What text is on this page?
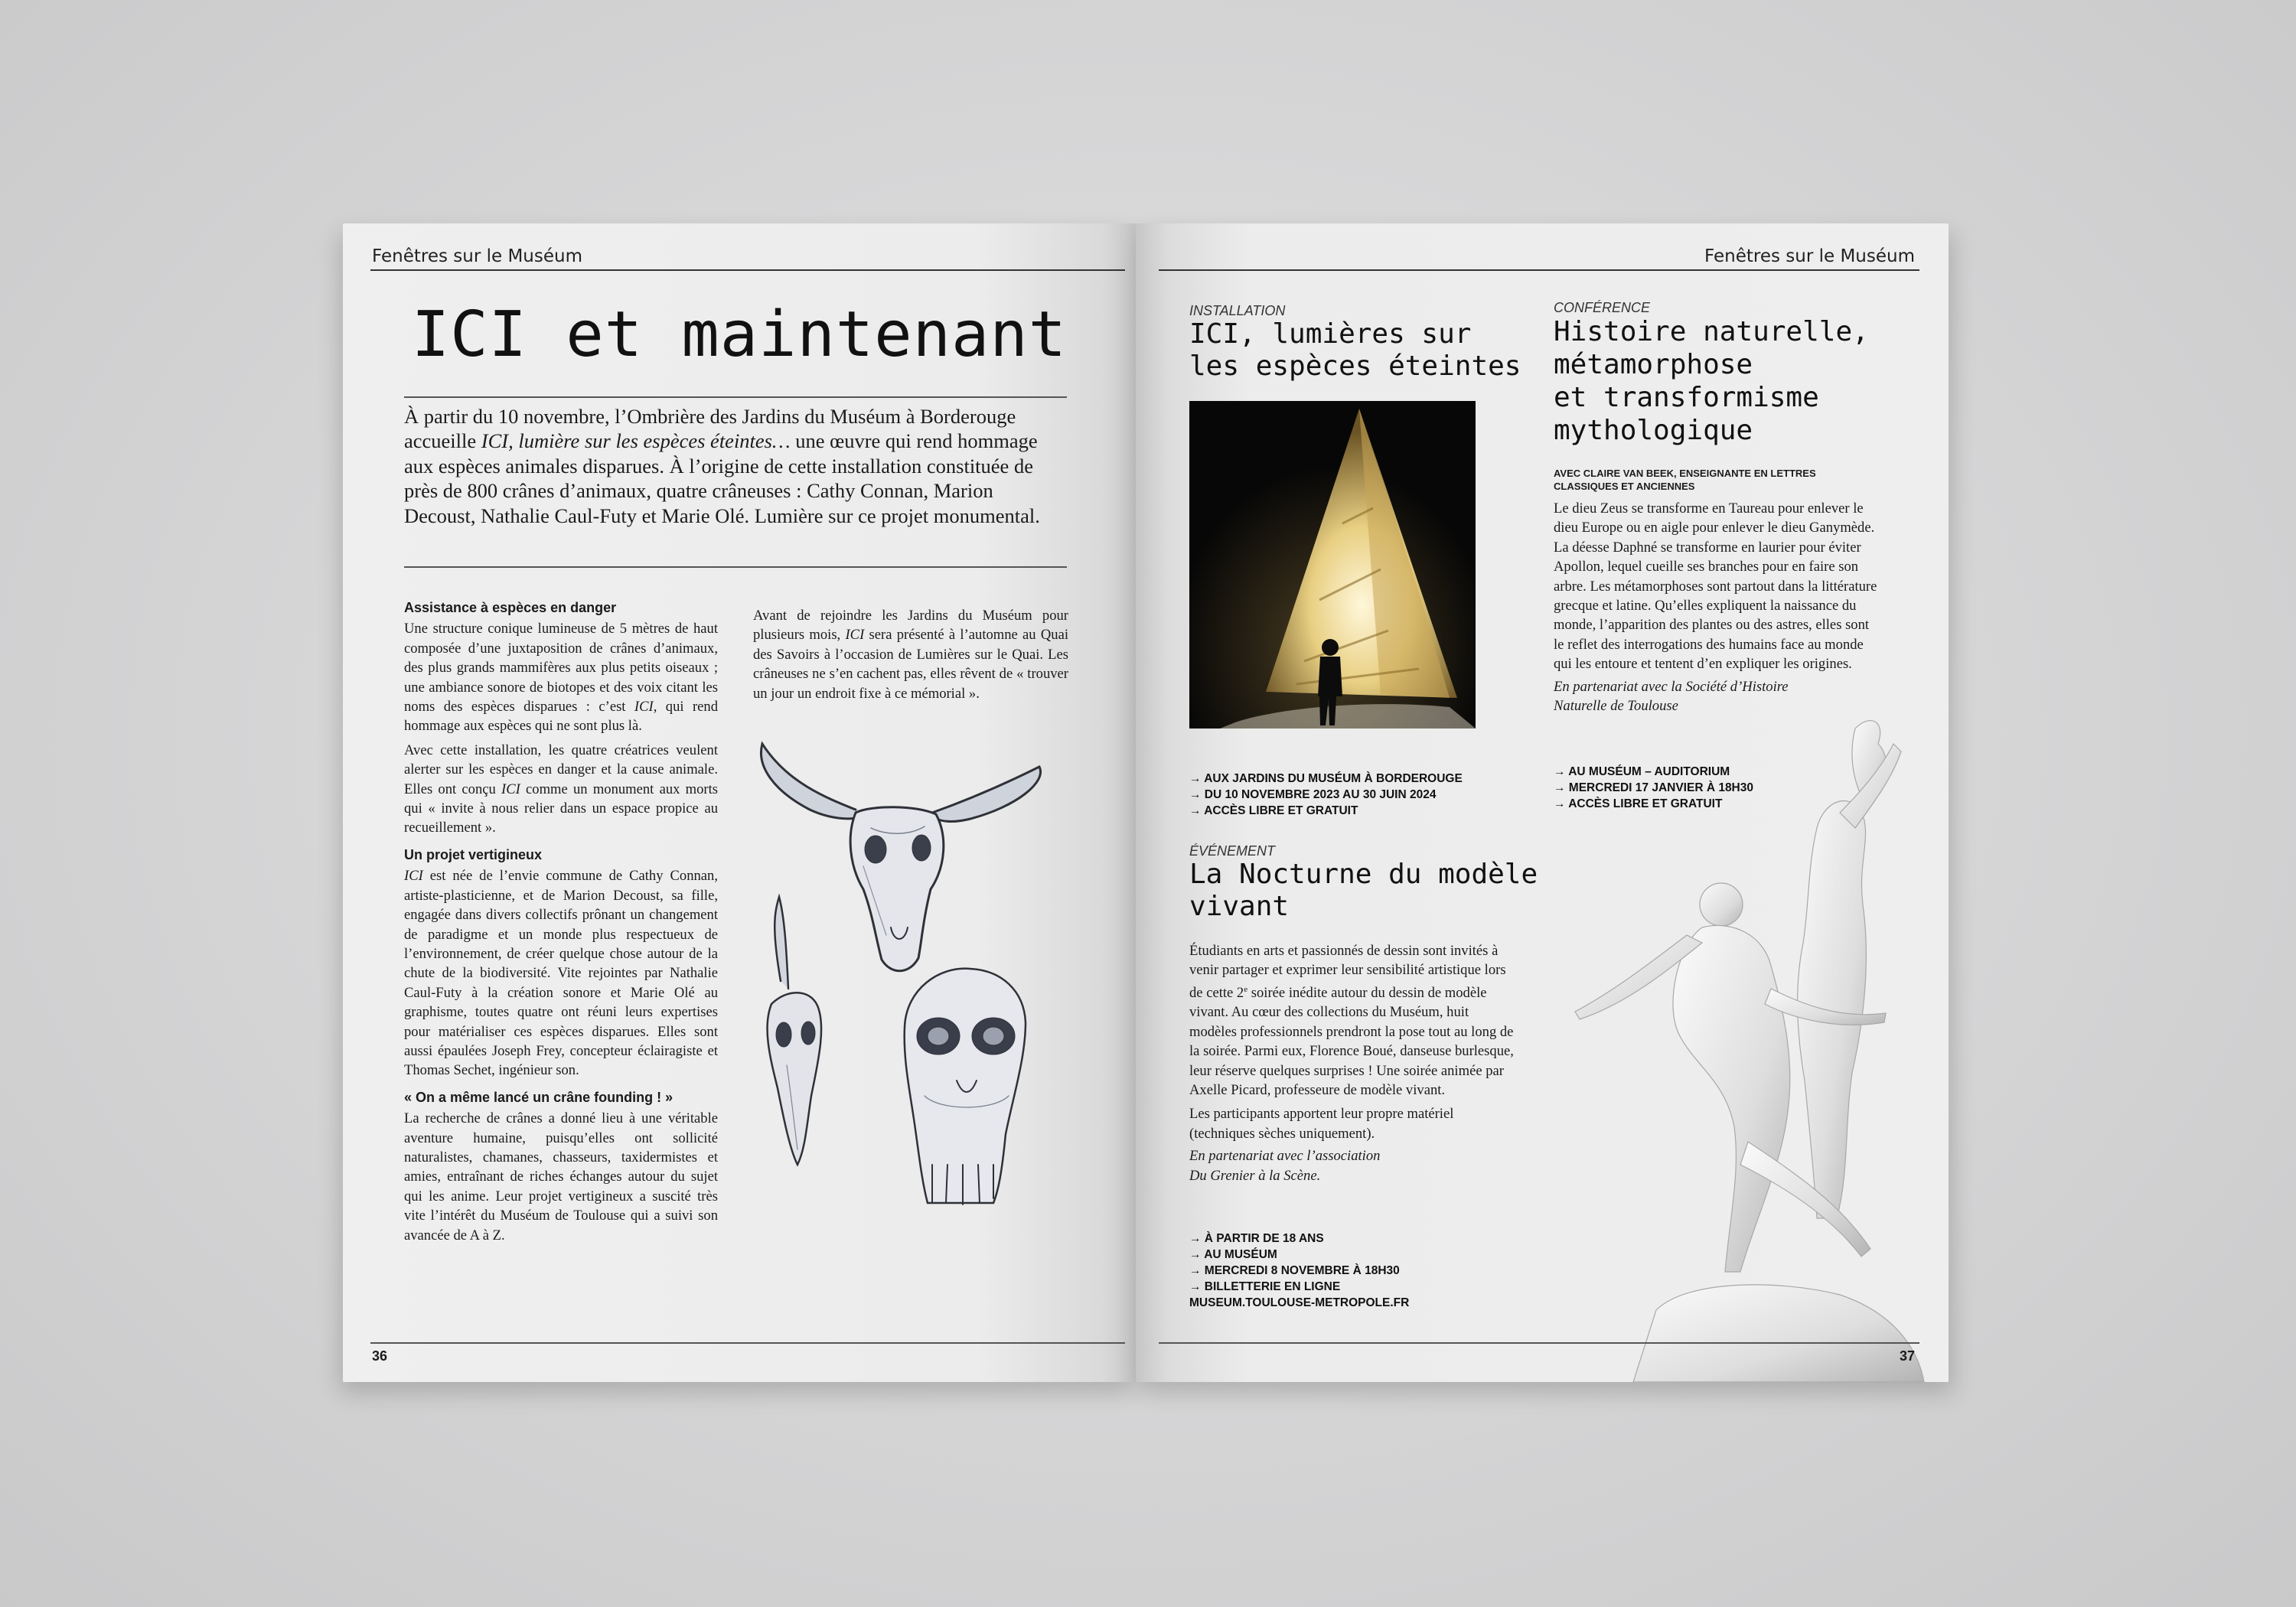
Fenêtres sur le Muséum
ICI et maintenant
À partir du 10 novembre, l’Ombrière des Jardins du Muséum à Borderouge accueille ICI, lumière sur les espèces éteintes… une œuvre qui rend hommage aux espèces animales disparues. À l’origine de cette installation constituée de près de 800 crânes d’animaux, quatre crâneuses : Cathy Connan, Marion Decoust, Nathalie Caul-Futy et Marie Olé. Lumière sur ce projet monumental.
Assistance à espèces en danger

Une structure conique lumineuse de 5 mètres de haut composée d’une juxtaposition de crânes d’animaux, des plus grands mammifères aux plus petits oiseaux ; une ambiance sonore de biotopes et des voix citant les noms des espèces disparues : c’est ICI, qui rend hommage aux espèces qui ne sont plus là.

Avec cette installation, les quatre créatrices veulent alerter sur les espèces en danger et la cause animale. Elles ont conçu ICI comme un monument aux morts qui « invite à nous relier dans un espace propice au recueillement ».

Un projet vertigineux

ICI est née de l’envie commune de Cathy Connan, artiste-plasticienne, et de Marion Decoust, sa fille, engagée dans divers collectifs prônant un changement de paradigme et un monde plus respectueux de l’environnement, de créer quelque chose autour de la chute de la biodiversité. Vite rejointes par Nathalie Caul-Futy à la création sonore et Marie Olé au graphisme, toutes quatre ont réuni leurs expertises pour matérialiser ces espèces disparues. Elles sont aussi épaulées Joseph Frey, concepteur éclairagiste et Thomas Sechet, ingénieur son.

« On a même lancé un crâne founding ! »

La recherche de crânes a donné lieu à une véritable aventure humaine, puisqu’elles ont sollicité naturalistes, chamanes, chasseurs, taxidermistes et amies, entraînant de riches échanges autour du sujet qui les anime. Leur projet vertigineux a suscité très vite l’intérêt du Muséum de Toulouse qui a suivi son avancée de A à Z.

Avant de rejoindre les Jardins du Muséum pour plusieurs mois, ICI sera présenté à l’automne au Quai des Savoirs à l’occasion de Lumières sur le Quai. Les crâneuses ne s’en cachent pas, elles rêvent de « trouver un jour un endroit fixe à ce mémorial ».

36
Fenêtres sur le Muséum
INSTALLATION
ICI, lumières sur
les espèces éteintes
→ AUX JARDINS DU MUSÉUM À BORDEROUGE
→ DU 10 NOVEMBRE 2023 AU 30 JUIN 2024
→ ACCÈS LIBRE ET GRATUIT
ÉVÉNEMENT
La Nocturne du modèle
vivant

Étudiants en arts et passionnés de dessin sont invités à venir partager et exprimer leur sensibilité artistique lors de cette 2e soirée inédite autour du dessin de modèle vivant. Au cœur des collections du Muséum, huit modèles professionnels prendront la pose tout au long de la soirée. Parmi eux, Florence Boué, danseuse burlesque, leur réserve quelques surprises ! Une soirée animée par Axelle Picard, professeure de modèle vivant.

Les participants apportent leur propre matériel (techniques sèches uniquement).

En partenariat avec l’association Du Grenier à la Scène.

→ À PARTIR DE 18 ANS
→ AU MUSÉUM
→ MERCREDI 8 NOVEMBRE À 18H30
→ BILLETTERIE EN LIGNE
MUSEUM.TOULOUSE-METROPOLE.FR
CONFÉRENCE
Histoire naturelle,
métamorphose
et transformisme
mythologique
AVEC CLAIRE VAN BEEK, ENSEIGNANTE EN LETTRES CLASSIQUES ET ANCIENNES

Le dieu Zeus se transforme en Taureau pour enlever le dieu Europe ou en aigle pour enlever le dieu Ganymède. La déesse Daphné se transforme en laurier pour éviter Apollon, lequel cueille ses branches pour en faire son arbre. Les métamorphoses sont partout dans la littérature grecque et latine. Qu’elles expliquent la naissance du monde, l’apparition des plantes ou des astres, elles sont le reflet des interrogations des humains face au monde qui les entoure et tentent d’en expliquer les origines.

En partenariat avec la Société d’Histoire Naturelle de Toulouse

→ AU MUSÉUM – AUDITORIUM
→ MERCREDI 17 JANVIER À 18H30
→ ACCÈS LIBRE ET GRATUIT
37
